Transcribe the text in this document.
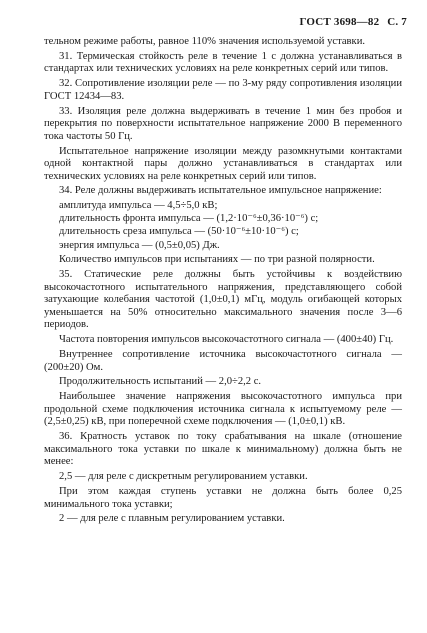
ГОСТ 3698—82 С. 7

тельном режиме работы, равное 110% значения используемой уставки.

31. Термическая стойкость реле в течение 1 с должна устанавливаться в стандартах или технических условиях на реле конкретных серий или типов.

32. Сопротивление изоляции реле — по 3-му ряду сопротивления изоляции ГОСТ 12434—83.

33. Изоляция реле должна выдерживать в течение 1 мин без пробоя и перекрытия по поверхности испытательное напряжение 2000 В переменного тока частоты 50 Гц.

Испытательное напряжение изоляции между разомкнутыми контактами одной контактной пары должно устанавливаться в стандартах или технических условиях на реле конкретных серий или типов.

34. Реле должны выдерживать испытательное импульсное напряжение:

амплитуда импульса — 4,5÷5,0 кВ;

длительность фронта импульса — (1,2·10⁻⁶±0,36·10⁻⁶) с;

длительность среза импульса — (50·10⁻⁶±10·10⁻⁶) с;

энергия импульса — (0,5±0,05) Дж.

Количество импульсов при испытаниях — по три разной полярности.

35. Статические реле должны быть устойчивы к воздействию высокочастотного испытательного напряжения, представляющего собой затухающие колебания частотой (1,0±0,1) мГц, модуль огибающей которых уменьшается на 50% относительно максимального значения после 3—6 периодов.

Частота повторения импульсов высокочастотного сигнала — (400±40) Гц.

Внутреннее сопротивление источника высокочастотного сигнала — (200±20) Ом.

Продолжительность испытаний — 2,0÷2,2 с.

Наибольшее значение напряжения высокочастотного импульса при продольной схеме подключения источника сигнала к испытуемому реле — (2,5±0,25) кВ, при поперечной схеме подключения — (1,0±0,1) кВ.

36. Кратность уставок по току срабатывания на шкале (отношение максимального тока уставки по шкале к минимальному) должна быть не менее:

2,5 — для реле с дискретным регулированием уставки.

При этом каждая ступень уставки не должна быть более 0,25 минимального тока уставки;

2 — для реле с плавным регулированием уставки.
